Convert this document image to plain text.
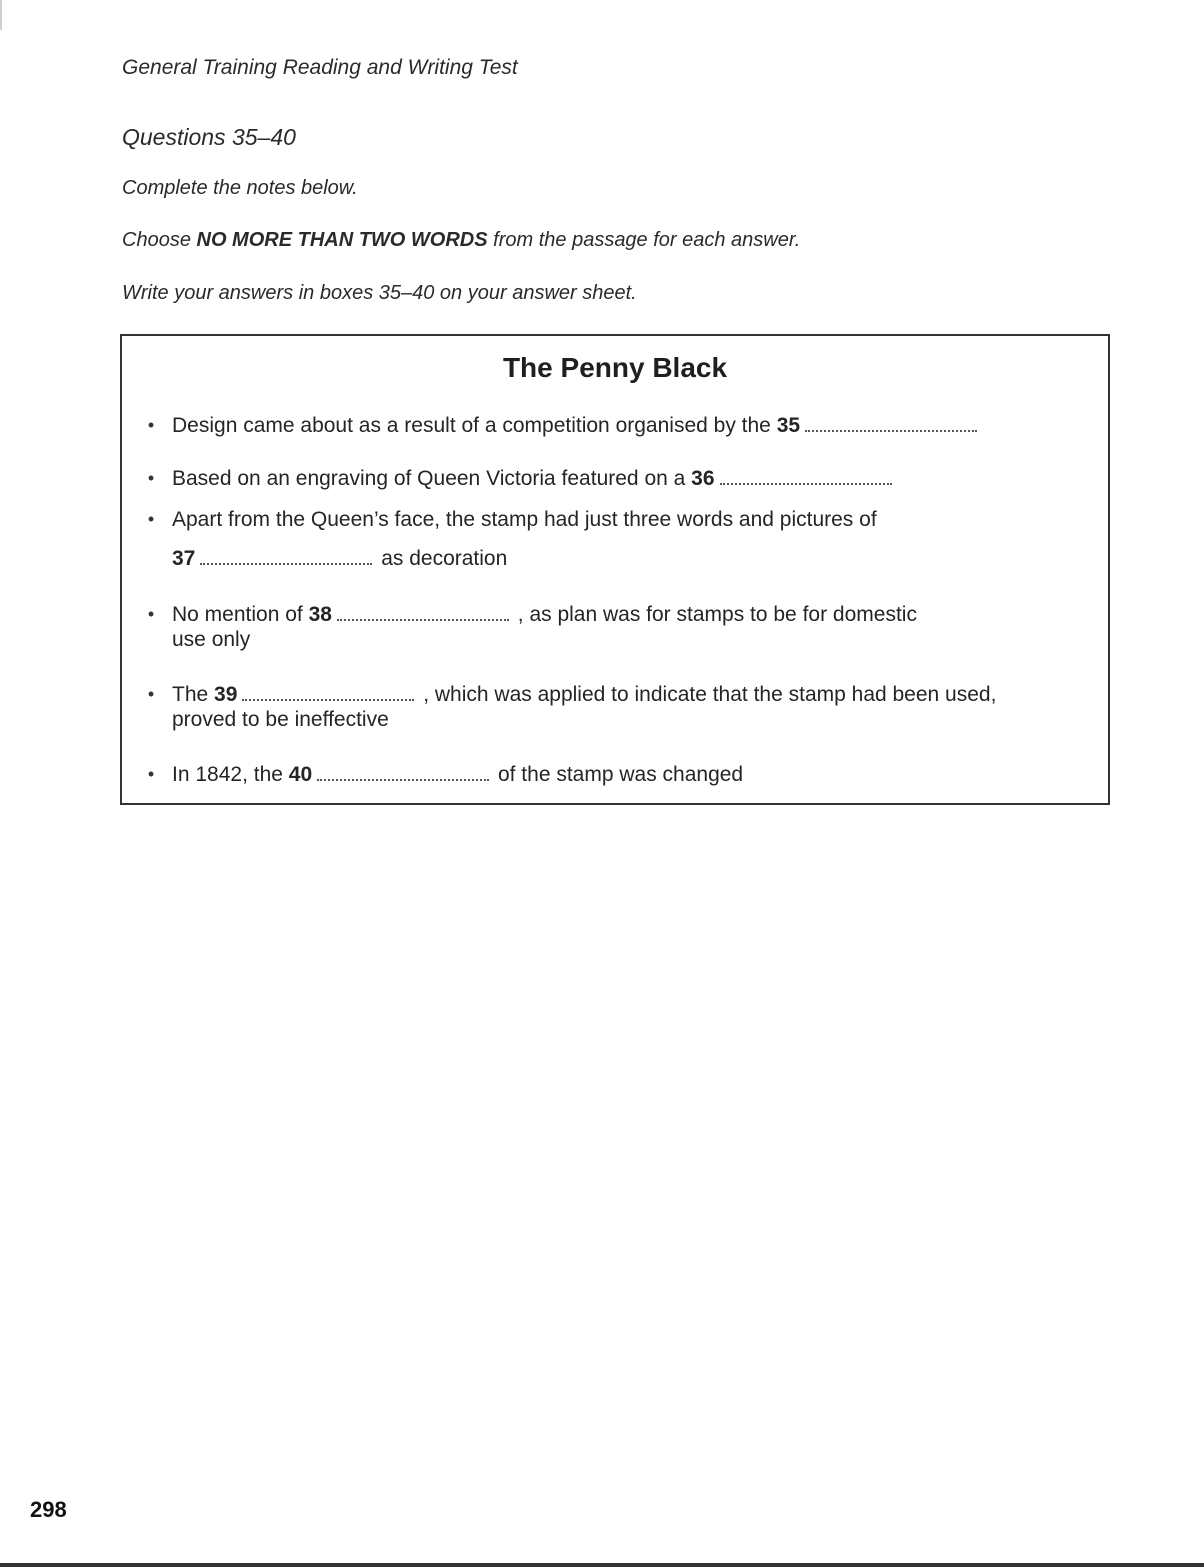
General Training Reading and Writing Test
Questions 35–40
Complete the notes below.
Choose NO MORE THAN TWO WORDS from the passage for each answer.
Write your answers in boxes 35–40 on your answer sheet.
The Penny Black
• Design came about as a result of a competition organised by the 35
• Based on an engraving of Queen Victoria featured on a 36
• Apart from the Queen’s face, the stamp had just three words and pictures of
37	as decoration
• No mention of 38	, as plan was for stamps to be for domestic
use only
• The 39	, which was applied to indicate that the stamp had been used,
proved to be ineffective
• In 1842, the 40	of the stamp was changed
298
